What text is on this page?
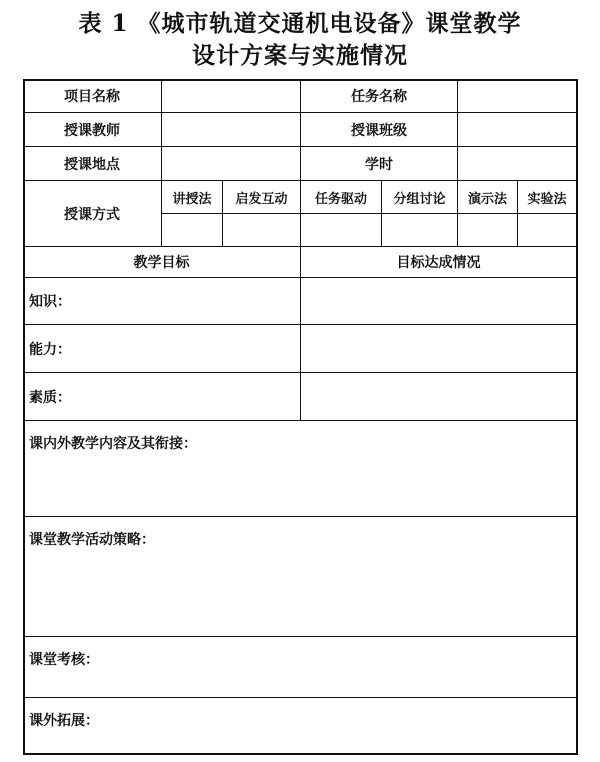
表 1 《城市轨道交通机电设备》课堂教学
设计方案与实施情况
项目名称	任务名称
授课教师	授课班级
授课地点	学时
授课方式
讲授法	启发互动	任务驱动	分组讨论	演示法	实验法
教学目标	目标达成情况
知识：
能力：
素质：
课内外教学内容及其衔接：
课堂教学活动策略：
课堂考核：
课外拓展：
